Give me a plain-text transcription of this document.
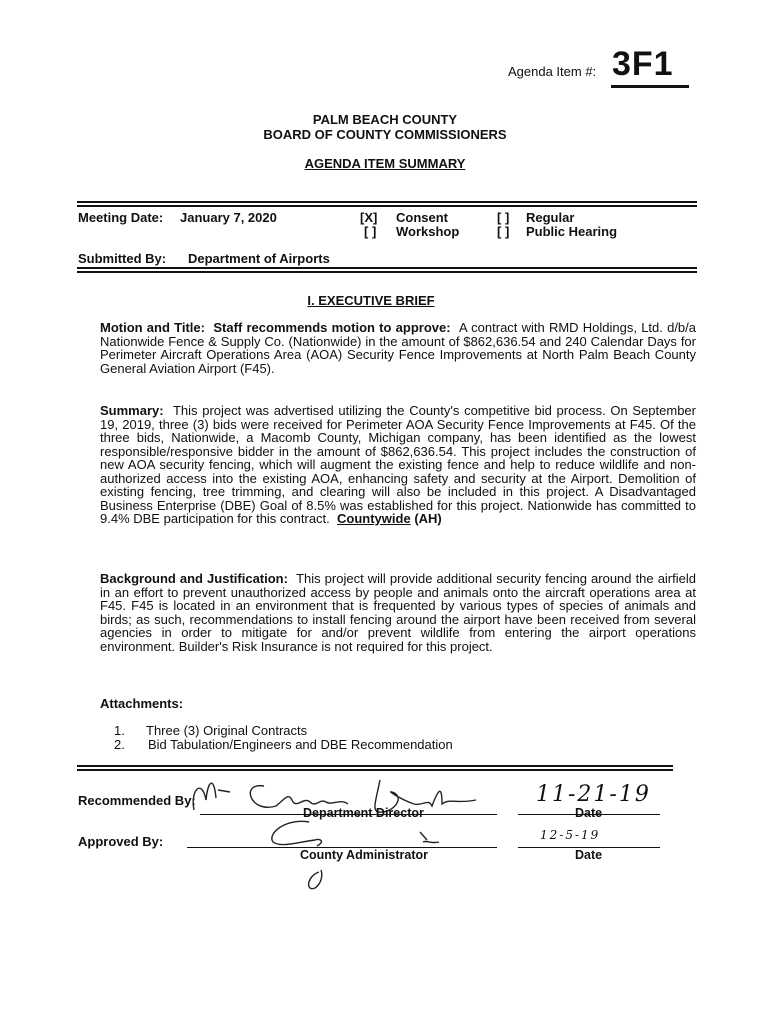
Agenda Item #: 3F1
PALM BEACH COUNTY
BOARD OF COUNTY COMMISSIONERS
AGENDA ITEM SUMMARY
Meeting Date: January 7, 2020	[X] Consent
[ ] Workshop
[ ] Regular
[ ] Public Hearing
Submitted By: Department of Airports
I. EXECUTIVE BRIEF

Motion and Title: Staff recommends motion to approve: A contract with RMD Holdings, Ltd. d/b/a Nationwide Fence & Supply Co. (Nationwide) in the amount of $862,636.54 and 240 Calendar Days for Perimeter Aircraft Operations Area (AOA) Security Fence Improvements at North Palm Beach County General Aviation Airport (F45).

Summary: This project was advertised utilizing the County's competitive bid process. On September 19, 2019, three (3) bids were received for Perimeter AOA Security Fence Improvements at F45. Of the three bids, Nationwide, a Macomb County, Michigan company, has been identified as the lowest responsible/responsive bidder in the amount of $862,636.54. This project includes the construction of new AOA security fencing, which will augment the existing fence and help to reduce wildlife and non-authorized access into the existing AOA, enhancing safety and security at the Airport. Demolition of existing fencing, tree trimming, and clearing will also be included in this project. A Disadvantaged Business Enterprise (DBE) Goal of 8.5% was established for this project. Nationwide has committed to 9.4% DBE participation for this contract. Countywide (AH)

Background and Justification: This project will provide additional security fencing around the airfield in an effort to prevent unauthorized access by people and animals onto the aircraft operations area at F45. F45 is located in an environment that is frequented by various types of species of animals and birds; as such, recommendations to install fencing around the airport have been received from several agencies in order to mitigate for and/or prevent wildlife from entering the airport operations environment. Builder's Risk Insurance is not required for this project.

Attachments:
1. Three (3) Original Contracts
2. Bid Tabulation/Engineers and DBE Recommendation
Recommended By:
Department Director
11-21-19
Date
Approved By:
County Administrator
12-5-19
Date
